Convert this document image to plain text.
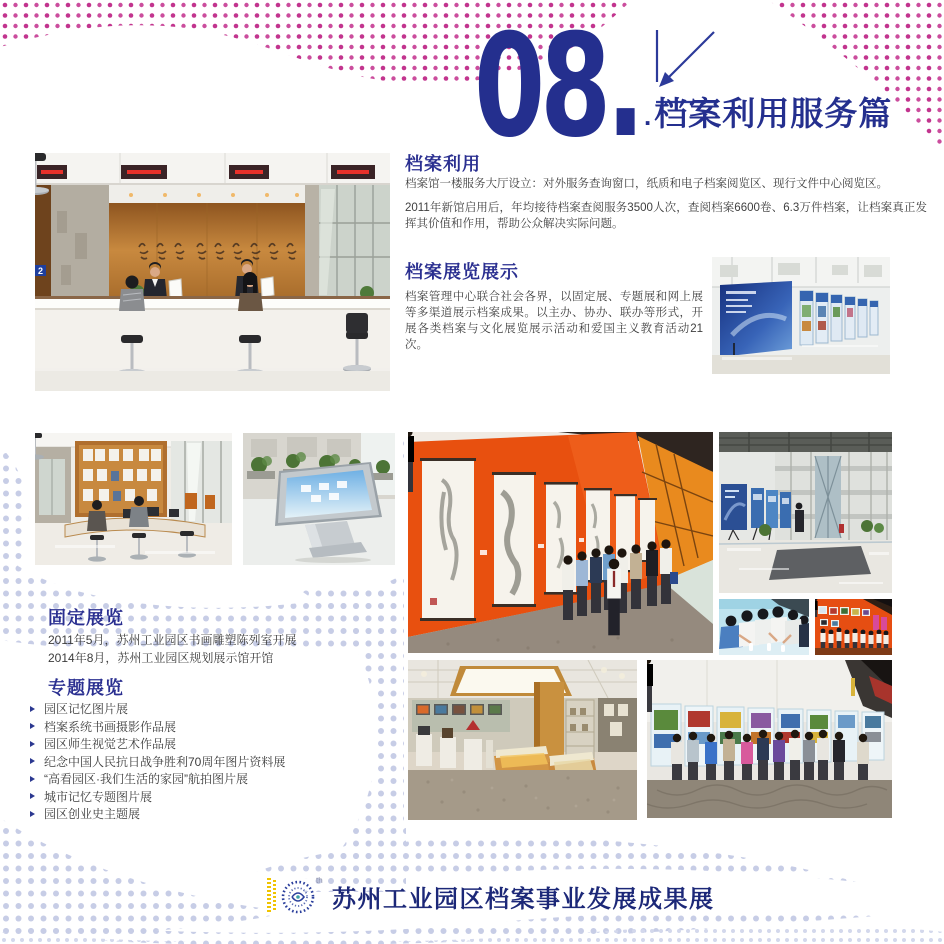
08. .档案利用服务篇
档案利用
档案馆一楼服务大厅设立：对外服务查询窗口，纸质和电子档案阅览区、现行文件中心阅览区。
2011年新馆启用后，年均接待档案查阅服务3500人次，查阅档案6600卷、6.3万件档案，让档案真正发挥其价值和作用，帮助公众解决实际问题。
档案展览展示
档案管理中心联合社会各界，以固定展、专题展和网上展等多渠道展示档案成果。以主办、协办、联办等形式，开展各类档案与文化展览展示活动和爱国主义教育活动21次。
2
固定展览
2011年5月，苏州工业园区书画雕塑陈列室开展
2014年8月，苏州工业园区规划展示馆开馆
专题展览
园区记忆图片展
档案系统书画摄影作品展
园区师生视觉艺术作品展
纪念中国人民抗日战争胜利70周年图片资料展
“高看园区·我们生活的家园”航拍图片展
城市记忆专题图片展
园区创业史主题展
th
苏州工业园区档案事业发展成果展
